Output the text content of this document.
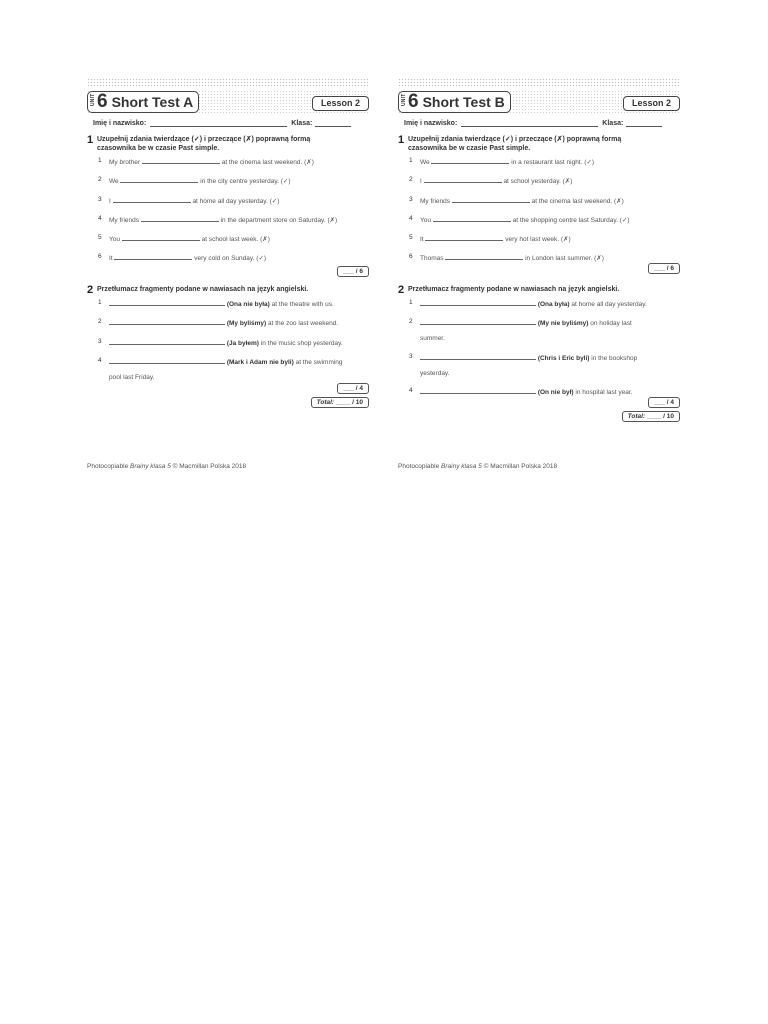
UNIT 6 Short Test A	Lesson 2
Imię i nazwisko:	Klasa:
1 Uzupełnij zdania twierdzące (✓) i przeczące (✗) poprawną formą
czasownika be w czasie Past simple.
1	My brother	at the cinema last weekend. (✗)
2	We	in the city centre yesterday. (✓)
3	I	at home all day yesterday. (✓)
4	My friends	in the department store on Saturday. (✗)
5	You	at school last week. (✗)
6	It	very cold on Sunday. (✓)
___ / 6
2 Przetłumacz fragmenty podane w nawiasach na język angielski.
1	(Ona nie była) at the theatre with us.
2	(My byliśmy) at the zoo last weekend.
3	(Ja byłem) in the music shop yesterday.
4	(Mark i Adam nie byli) at the swimming
pool last Friday.
___ / 4
Total: ____ / 10
UNIT 6 Short Test B	Lesson 2
Imię i nazwisko:	Klasa:
1 Uzupełnij zdania twierdzące (✓) i przeczące (✗) poprawną formą
czasownika be w czasie Past simple.
1	We	in a restaurant last night. (✓)
2	I	at school yesterday. (✗)
3	My friends	at the cinema last weekend. (✗)
4	You	at the shopping centre last Saturday. (✓)
5	It	very hot last week. (✗)
6	Thomas	in London last summer. (✗)
___ / 6
2 Przetłumacz fragmenty podane w nawiasach na język angielski.
1	(Ona była) at home all day yesterday.
2	(My nie byliśmy) on holiday last
summer.
3	(Chris i Eric byli) in the bookshop
yesterday.
4	(On nie był) in hospital last year.
___ / 4
Total: ____ / 10
Photocopiable Brainy klasa 5 © Macmillan Polska 2018	Photocopiable Brainy klasa 5 © Macmillan Polska 2018
